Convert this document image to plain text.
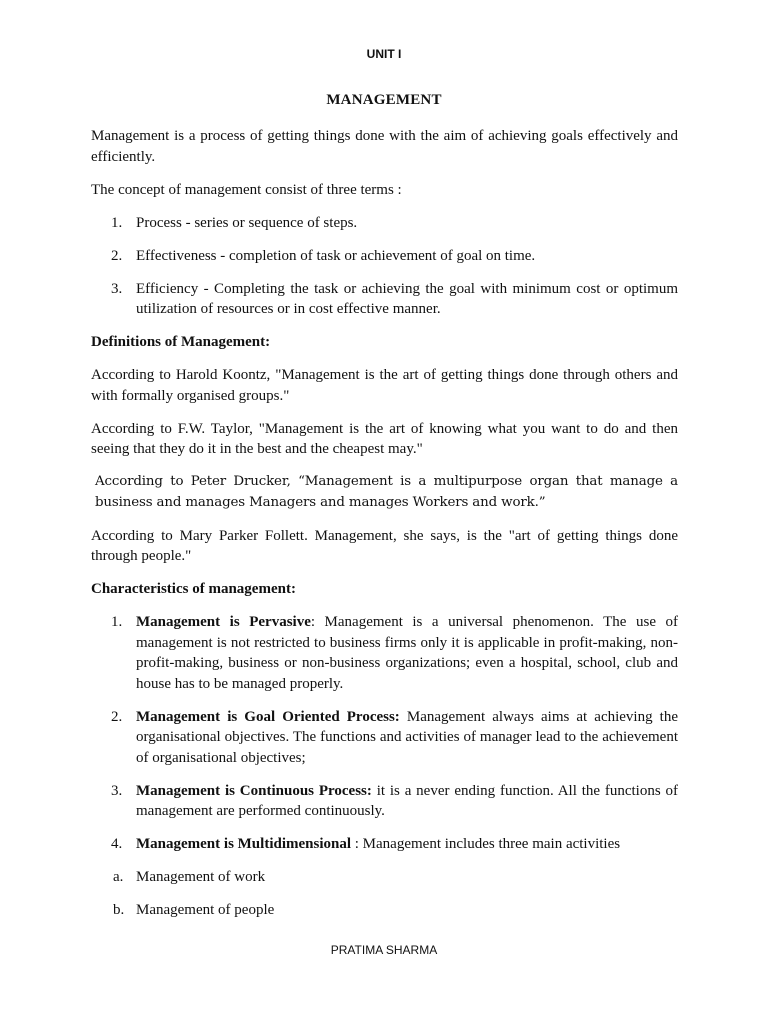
UNIT I
MANAGEMENT

Management is a process of getting things done with the aim of achieving goals effectively and efficiently.

The concept of management consist of three terms :

1. Process - series or sequence of steps.
2. Effectiveness - completion of task or achievement of goal on time.
3. Efficiency - Completing the task or achieving the goal with minimum cost or optimum utilization of resources or in cost effective manner.

Definitions of Management:

According to Harold Koontz, "Management is the art of getting things done through others and with formally organised groups."

According to F.W. Taylor, "Management is the art of knowing what you want to do and then seeing that they do it in the best and the cheapest may."

According to Peter Drucker, “Management is a multipurpose organ that manage a business and manages Managers and manages Workers and work.”

According to Mary Parker Follett. Management, she says, is the "art of getting things done through people."

Characteristics of management:

1. Management is Pervasive: Management is a universal phenomenon. The use of management is not restricted to business firms only it is applicable in profit-making, non-profit-making, business or non-business organizations; even a hospital, school, club and house has to be managed properly.
2. Management is Goal Oriented Process: Management always aims at achieving the organisational objectives. The functions and activities of manager lead to the achievement of organisational objectives;
3. Management is Continuous Process: it is a never ending function. All the functions of management are performed continuously.
4. Management is Multidimensional : Management includes three main activities
a. Management of work
b. Management of people
PRATIMA SHARMA
